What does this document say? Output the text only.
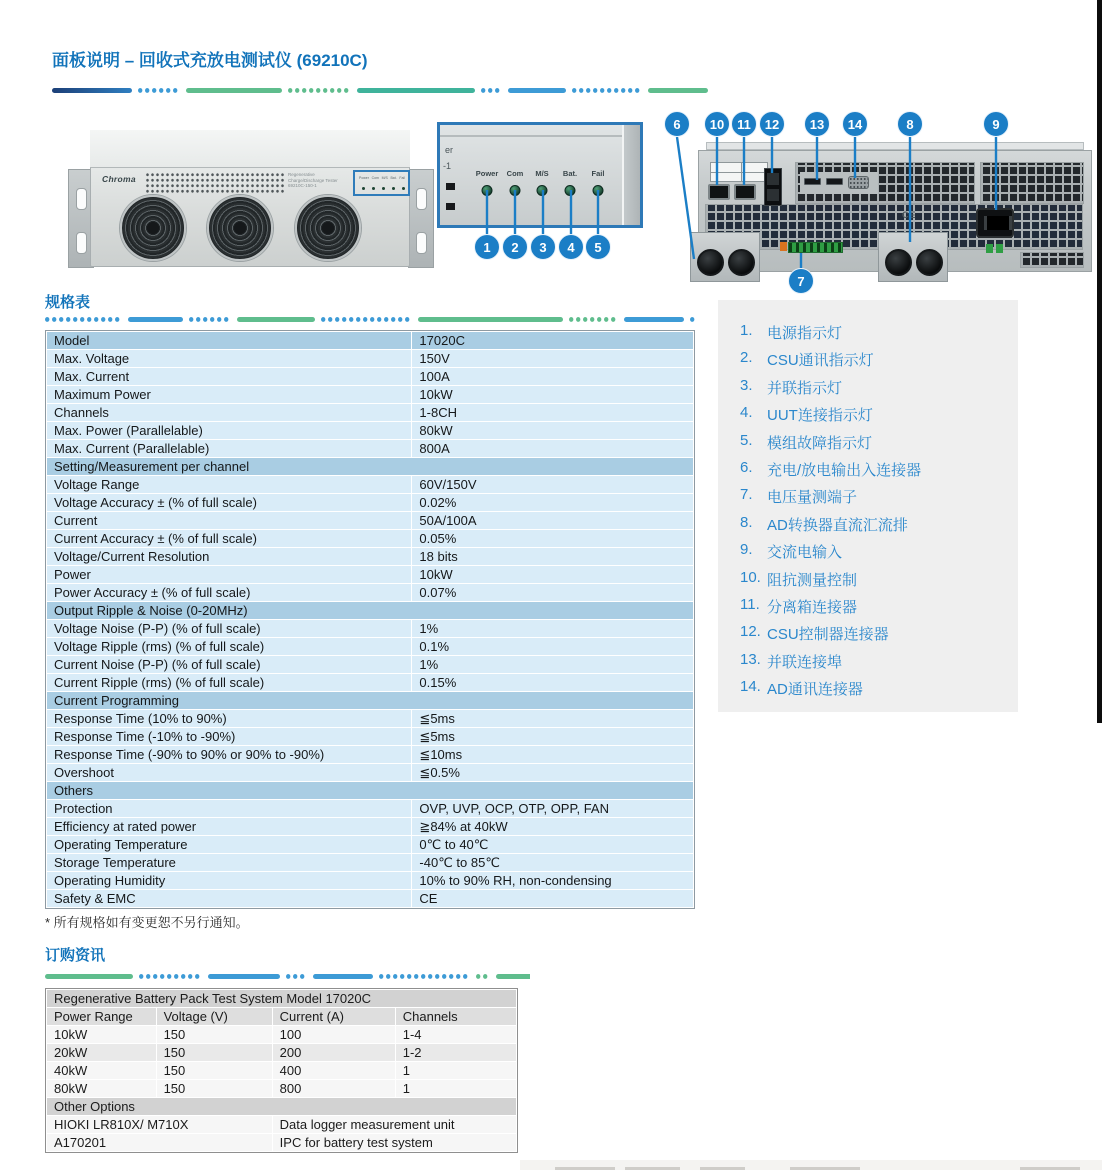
面板说明 – 回收式充放电测试仪 (69210C)
Chroma	Regenerative Charge/Discharge Tester
69210C-150-1
Power Com M/S Bat. Fail
er
-1
Power Com M/S Bat. Fail
CE
1	2	3	4	5
6	10 11	12	13	14	8	9
7
规格表
Model	17020C
Max. Voltage	150V
Max. Current	100A
Maximum Power	10kW
Channels	1-8CH
Max. Power (Parallelable)	80kW
Max. Current (Parallelable)	800A
Setting/Measurement per channel	
Voltage Range	60V/150V
Voltage Accuracy ± (% of full scale)	0.02%
Current	50A/100A
Current Accuracy ± (% of full scale)	0.05%
Voltage/Current Resolution	18 bits
Power	10kW
Power Accuracy ± (% of full scale)	0.07%
Output Ripple & Noise (0-20MHz)	
Voltage Noise (P-P) (% of full scale)	1%
Voltage Ripple (rms) (% of full scale)	0.1%
Current Noise (P-P) (% of full scale)	1%
Current Ripple (rms) (% of full scale)	0.15%
Current Programming	
Response Time (10% to 90%)	≦5ms
Response Time (-10% to -90%)	≦5ms
Response Time (-90% to 90% or 90% to -90%)	≦10ms
Overshoot	≦0.5%
Others	
Protection	OVP, UVP, OCP, OTP, OPP, FAN
Efficiency at rated power	≧84% at 40kW
Operating Temperature	0℃ to 40℃
Storage Temperature	-40℃ to 85℃
Operating Humidity	10% to 90% RH, non-condensing
Safety & EMC	CE
* 所有规格如有变更恕不另行通知。
1. 电源指示灯
2. CSU通讯指示灯
3. 并联指示灯
4. UUT连接指示灯
5. 模组故障指示灯
6. 充电/放电输出入连接器
7. 电压量测端子
8. AD转换器直流汇流排
9. 交流电输入
10. 阻抗测量控制
11. 分离箱连接器
12. CSU控制器连接器
13. 并联连接埠
14. AD通讯连接器
订购资讯
Regenerative Battery Pack Test System Model 17020C			
Power Range	Voltage (V)	Current (A)	Channels
10kW	150	100	1-4
20kW	150	200	1-2
40kW	150	400	1
80kW	150	800	1
Other Options			
HIOKI LR810X/ M710X		Data logger measurement unit	
A170201		IPC for battery test system	
